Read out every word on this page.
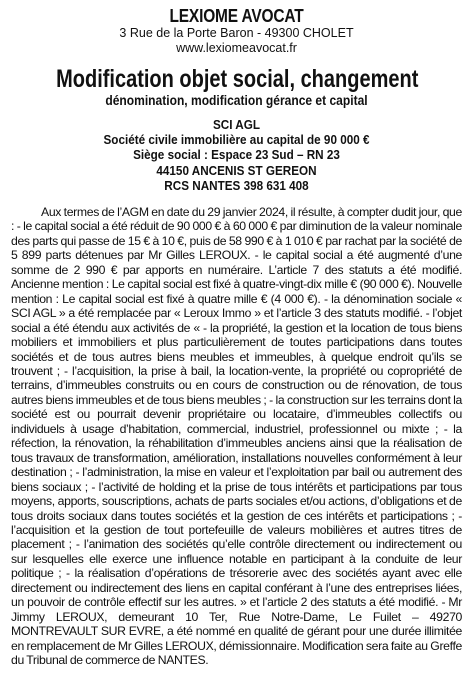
LEXIOME AVOCAT
3 Rue de la Porte Baron - 49300 CHOLET
www.lexiomeavocat.fr
Modification objet social, changement
dénomination, modification gérance et capital
SCI AGL
Société civile immobilière au capital de 90 000 €
Siège social : Espace 23 Sud – RN 23
44150 ANCENIS ST GEREON
RCS NANTES 398 631 408
Aux termes de l’AGM en date du 29 janvier 2024, il résulte, à compter dudit jour, que : - le capital social a été réduit de 90 000 € à 60 000 € par diminution de la valeur nominale des parts qui passe de 15 € à 10 €, puis de 58 990 € à 1 010 € par rachat par la société de 5 899 parts détenues par Mr Gilles LEROUX. - le capital social a été augmenté d’une somme de 2 990 € par apports en numéraire. L’article 7 des statuts a été modifié. Ancienne mention : Le capital social est fixé à quatre-vingt-dix mille € (90 000 €). Nouvelle mention : Le capital social est fixé à quatre mille € (4 000 €). - la dénomination sociale « SCI AGL » a été remplacée par « Leroux Immo » et l’article 3 des statuts modifié. - l’objet social a été étendu aux activités de « - la propriété, la gestion et la location de tous biens mobiliers et immobiliers et plus particulièrement de toutes participations dans toutes sociétés et de tous autres biens meubles et immeubles, à quelque endroit qu’ils se trouvent ; - l’acquisition, la prise à bail, la location-vente, la propriété ou copropriété de terrains, d’immeubles construits ou en cours de construction ou de rénovation, de tous autres biens immeubles et de tous biens meubles ; - la construction sur les terrains dont la société est ou pourrait devenir propriétaire ou locataire, d’immeubles collectifs ou individuels à usage d’habitation, commercial, industriel, professionnel ou mixte ; - la réfection, la rénovation, la réhabilitation d’immeubles anciens ainsi que la réalisation de tous travaux de transformation, amélioration, installations nouvelles conformément à leur destination ; - l’administration, la mise en valeur et l’exploitation par bail ou autrement des biens sociaux ; - l’activité de holding et la prise de tous intérêts et participations par tous moyens, apports, souscriptions, achats de parts sociales et/ou actions, d’obligations et de tous droits sociaux dans toutes sociétés et la gestion de ces intérêts et participations ; - l’acquisition et la gestion de tout portefeuille de valeurs mobilières et autres titres de placement ; - l’animation des sociétés qu’elle contrôle directement ou indirectement ou sur lesquelles elle exerce une influence notable en participant à la conduite de leur politique ; - la réalisation d’opérations de trésorerie avec des sociétés ayant avec elle directement ou indirectement des liens en capital conférant à l’une des entreprises liées, un pouvoir de contrôle effectif sur les autres. » et l’article 2 des statuts a été modifié. - Mr Jimmy LEROUX, demeurant 10 Ter, Rue Notre-Dame, Le Fuilet – 49270 MONTREVAULT SUR EVRE, a été nommé en qualité de gérant pour une durée illimitée en remplacement de Mr Gilles LEROUX, démissionnaire. Modification sera faite au Greffe du Tribunal de commerce de NANTES.
